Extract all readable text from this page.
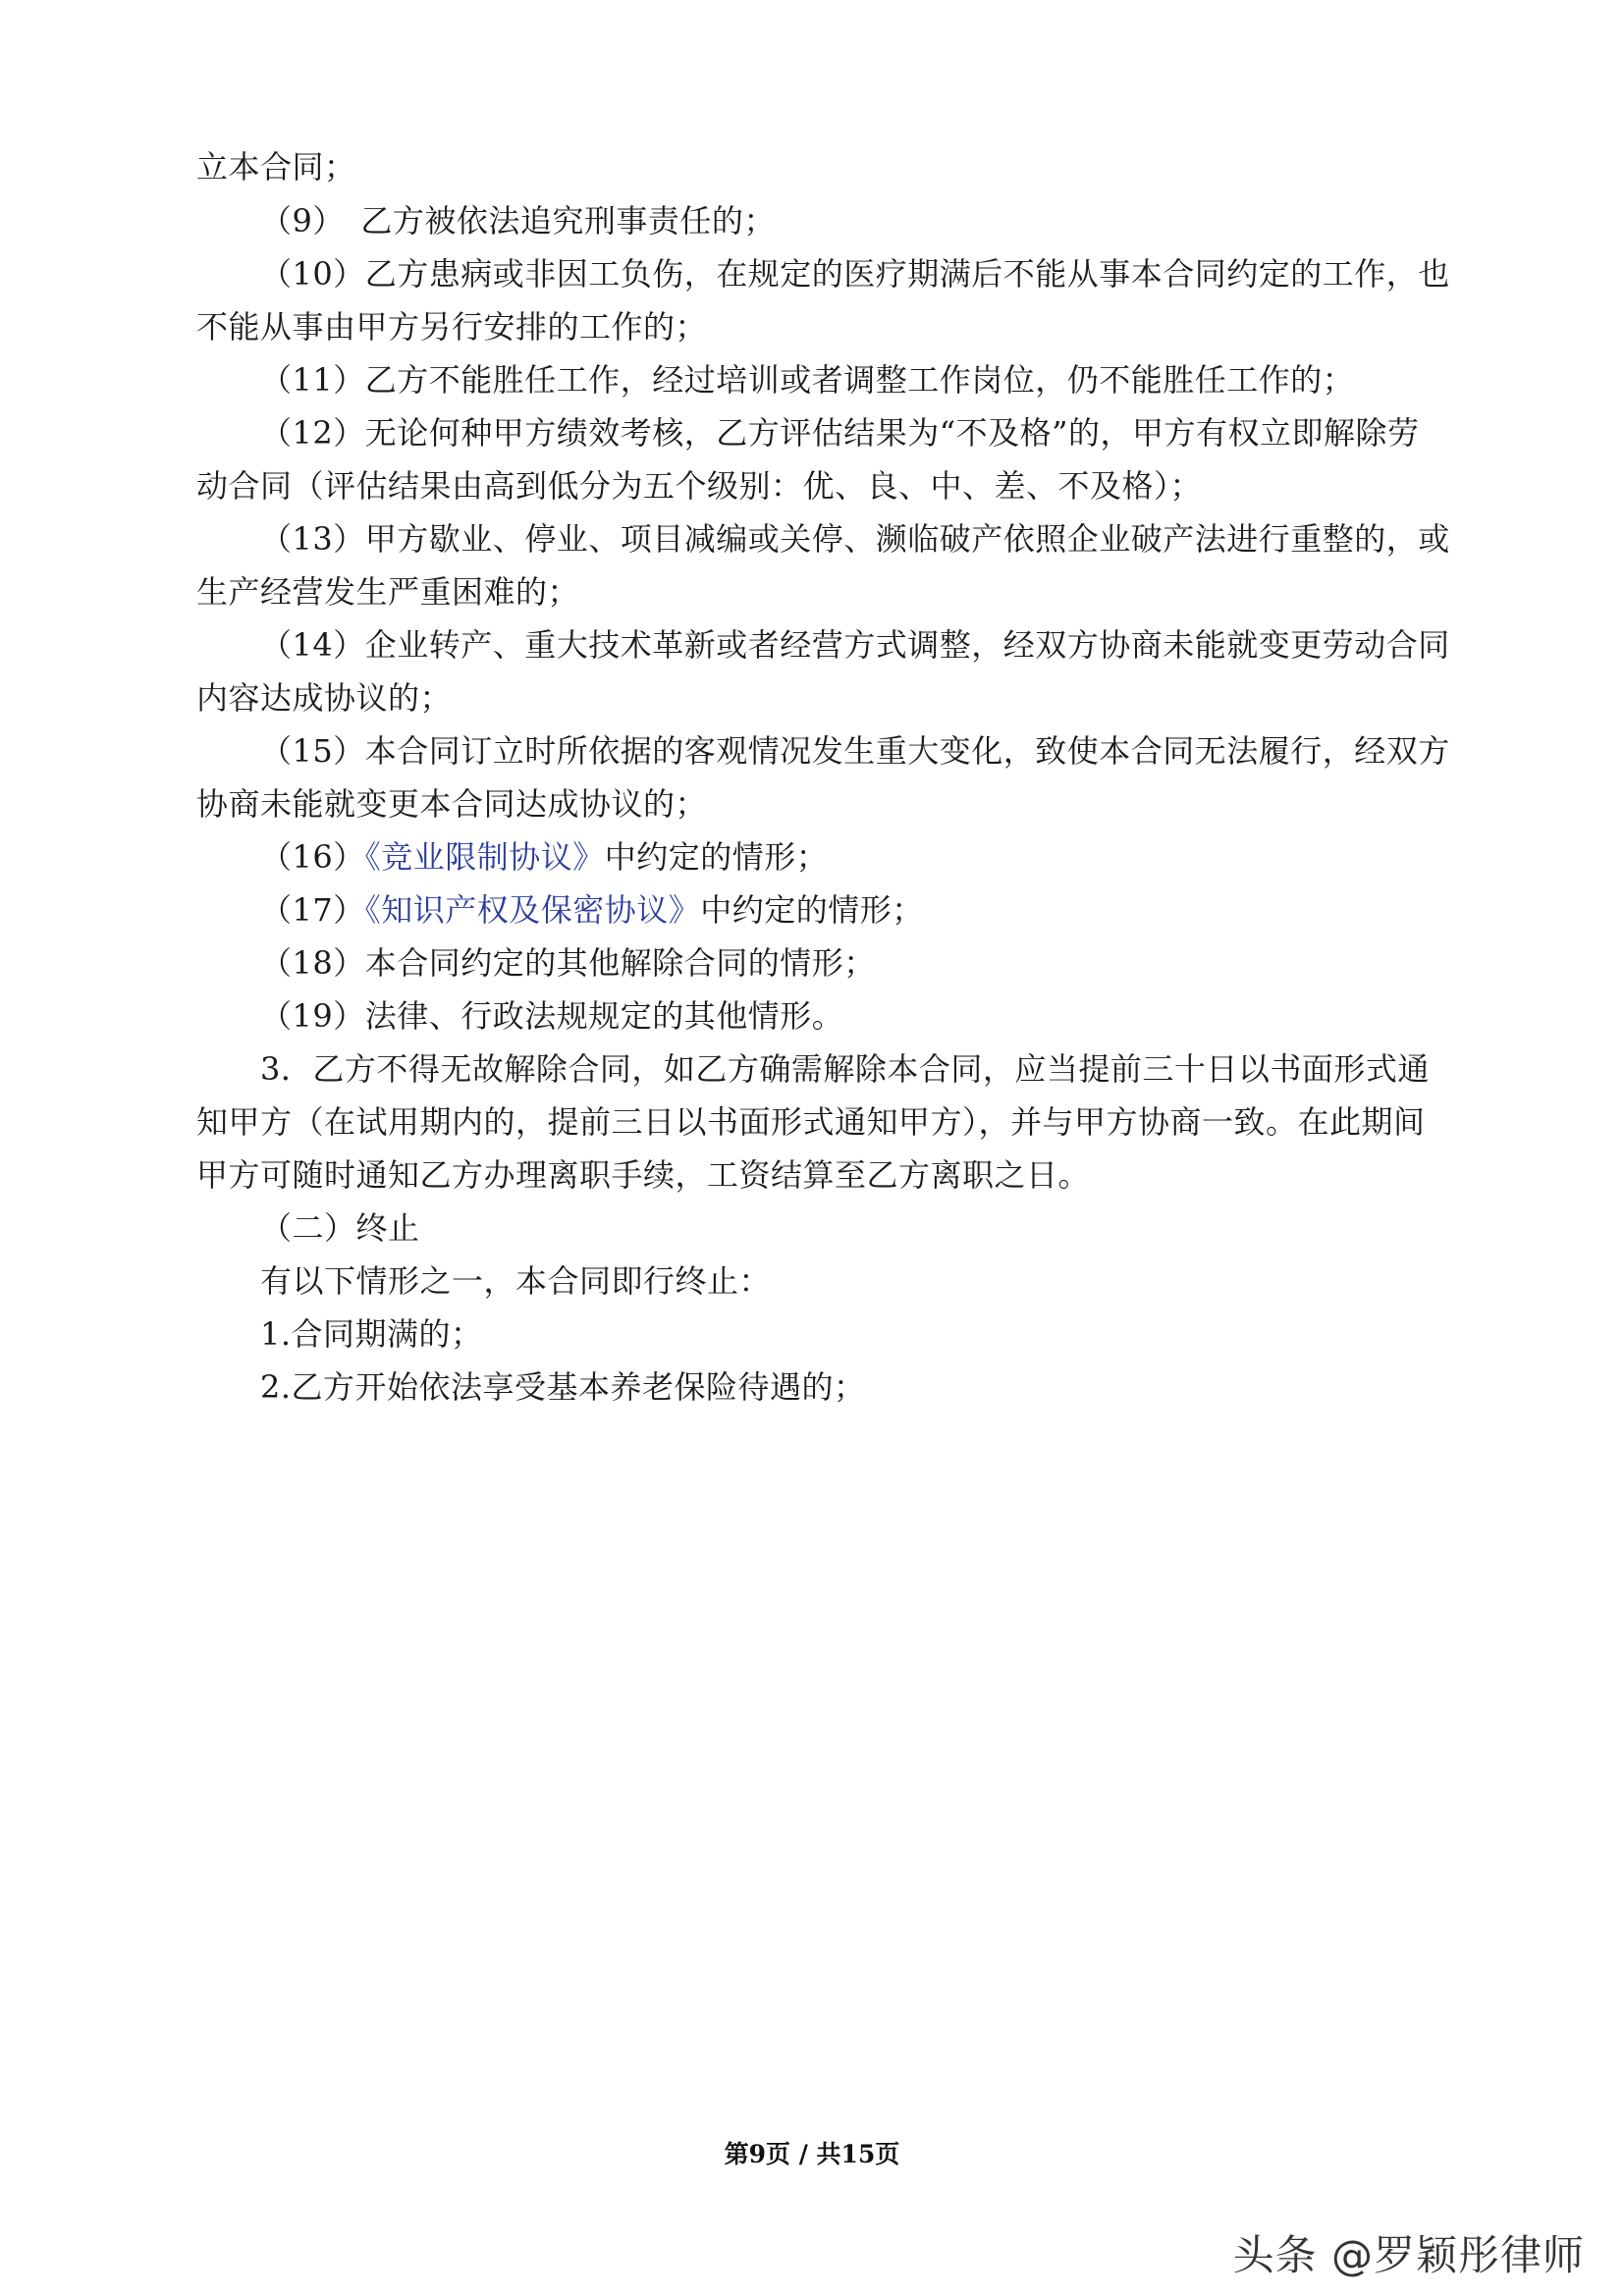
立本合同；
（9）　乙方被依法追究刑事责任的；
（10）乙方患病或非因工负伤，在规定的医疗期满后不能从事本合同约定的工作，也
不能从事由甲方另行安排的工作的；
（11）乙方不能胜任工作，经过培训或者调整工作岗位，仍不能胜任工作的；
（12）无论何种甲方绩效考核，乙方评估结果为“不及格”的，甲方有权立即解除劳
动合同（评估结果由高到低分为五个级别：优、良、中、差、不及格）；
（13）甲方歇业、停业、项目减编或关停、濒临破产依照企业破产法进行重整的，或
生产经营发生严重困难的；
（14）企业转产、重大技术革新或者经营方式调整，经双方协商未能就变更劳动合同
内容达成协议的；
（15）本合同订立时所依据的客观情况发生重大变化，致使本合同无法履行，经双方
协商未能就变更本合同达成协议的；
（16）《竞业限制协议》中约定的情形；
（17）《知识产权及保密协议》中约定的情形；
（18）本合同约定的其他解除合同的情形；
（19）法律、行政法规规定的其他情形。
3．乙方不得无故解除合同，如乙方确需解除本合同，应当提前三十日以书面形式通
知甲方（在试用期内的，提前三日以书面形式通知甲方），并与甲方协商一致。在此期间
甲方可随时通知乙方办理离职手续，工资结算至乙方离职之日。
（二）终止
有以下情形之一，本合同即行终止：
1.合同期满的；
2.乙方开始依法享受基本养老保险待遇的；
第9页 / 共15页
头条 @罗颖彤律师
